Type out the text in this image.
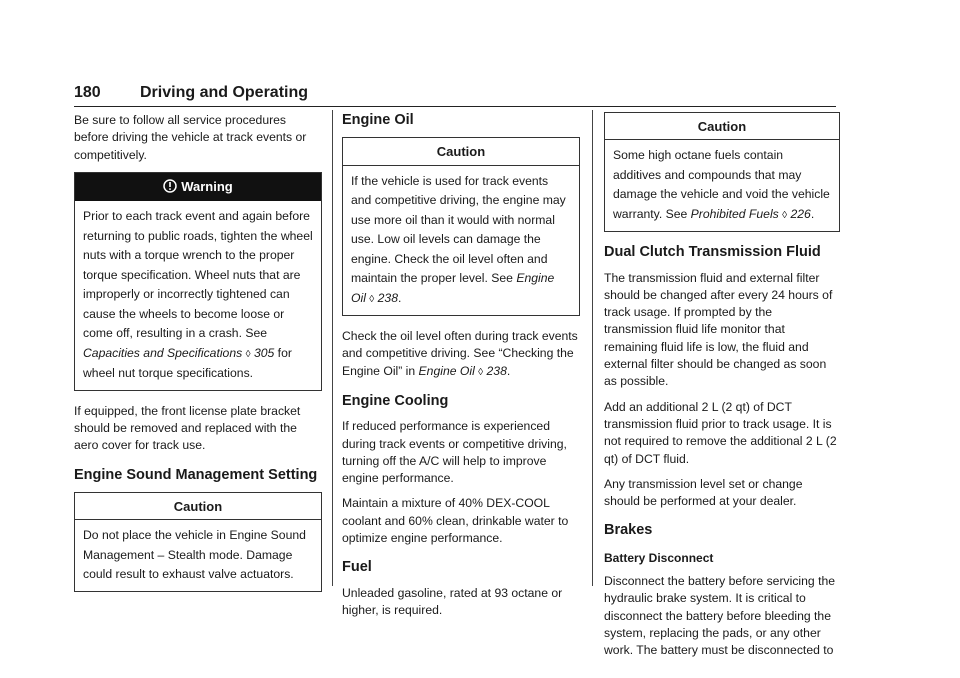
180 Driving and Operating

Be sure to follow all service procedures before driving the vehicle at track events or competitively.

Warning
Prior to each track event and again before returning to public roads, tighten the wheel nuts with a torque wrench to the proper torque specification. Wheel nuts that are improperly or incorrectly tightened can cause the wheels to become loose or come off, resulting in a crash. See Capacities and Specifications ◊ 305 for wheel nut torque specifications.

If equipped, the front license plate bracket should be removed and replaced with the aero cover for track use.

Engine Sound Management Setting
Caution
Do not place the vehicle in Engine Sound Management – Stealth mode. Damage could result to exhaust valve actuators.
Engine Oil
Caution
If the vehicle is used for track events and competitive driving, the engine may use more oil than it would with normal use. Low oil levels can damage the engine. Check the oil level often and maintain the proper level. See Engine Oil ◊ 238.

Check the oil level often during track events and competitive driving. See “Checking the Engine Oil” in Engine Oil ◊ 238.

Engine Cooling

If reduced performance is experienced during track events or competitive driving, turning off the A/C will help to improve engine performance.

Maintain a mixture of 40% DEX-COOL coolant and 60% clean, drinkable water to optimize engine performance.

Fuel

Unleaded gasoline, rated at 93 octane or higher, is required.

Caution
Some high octane fuels contain additives and compounds that may damage the vehicle and void the vehicle warranty. See Prohibited Fuels ◊ 226.
Dual Clutch Transmission Fluid

The transmission fluid and external filter should be changed after every 24 hours of track usage. If prompted by the transmission fluid life monitor that remaining fluid life is low, the fluid and external filter should be changed as soon as possible.

Add an additional 2 L (2 qt) of DCT transmission fluid prior to track usage. It is not required to remove the additional 2 L (2 qt) of DCT fluid.

Any transmission level set or change should be performed at your dealer.

Brakes
Battery Disconnect

Disconnect the battery before servicing the hydraulic brake system. It is critical to disconnect the battery before bleeding the system, replacing the pads, or any other work. The battery must be disconnected to
